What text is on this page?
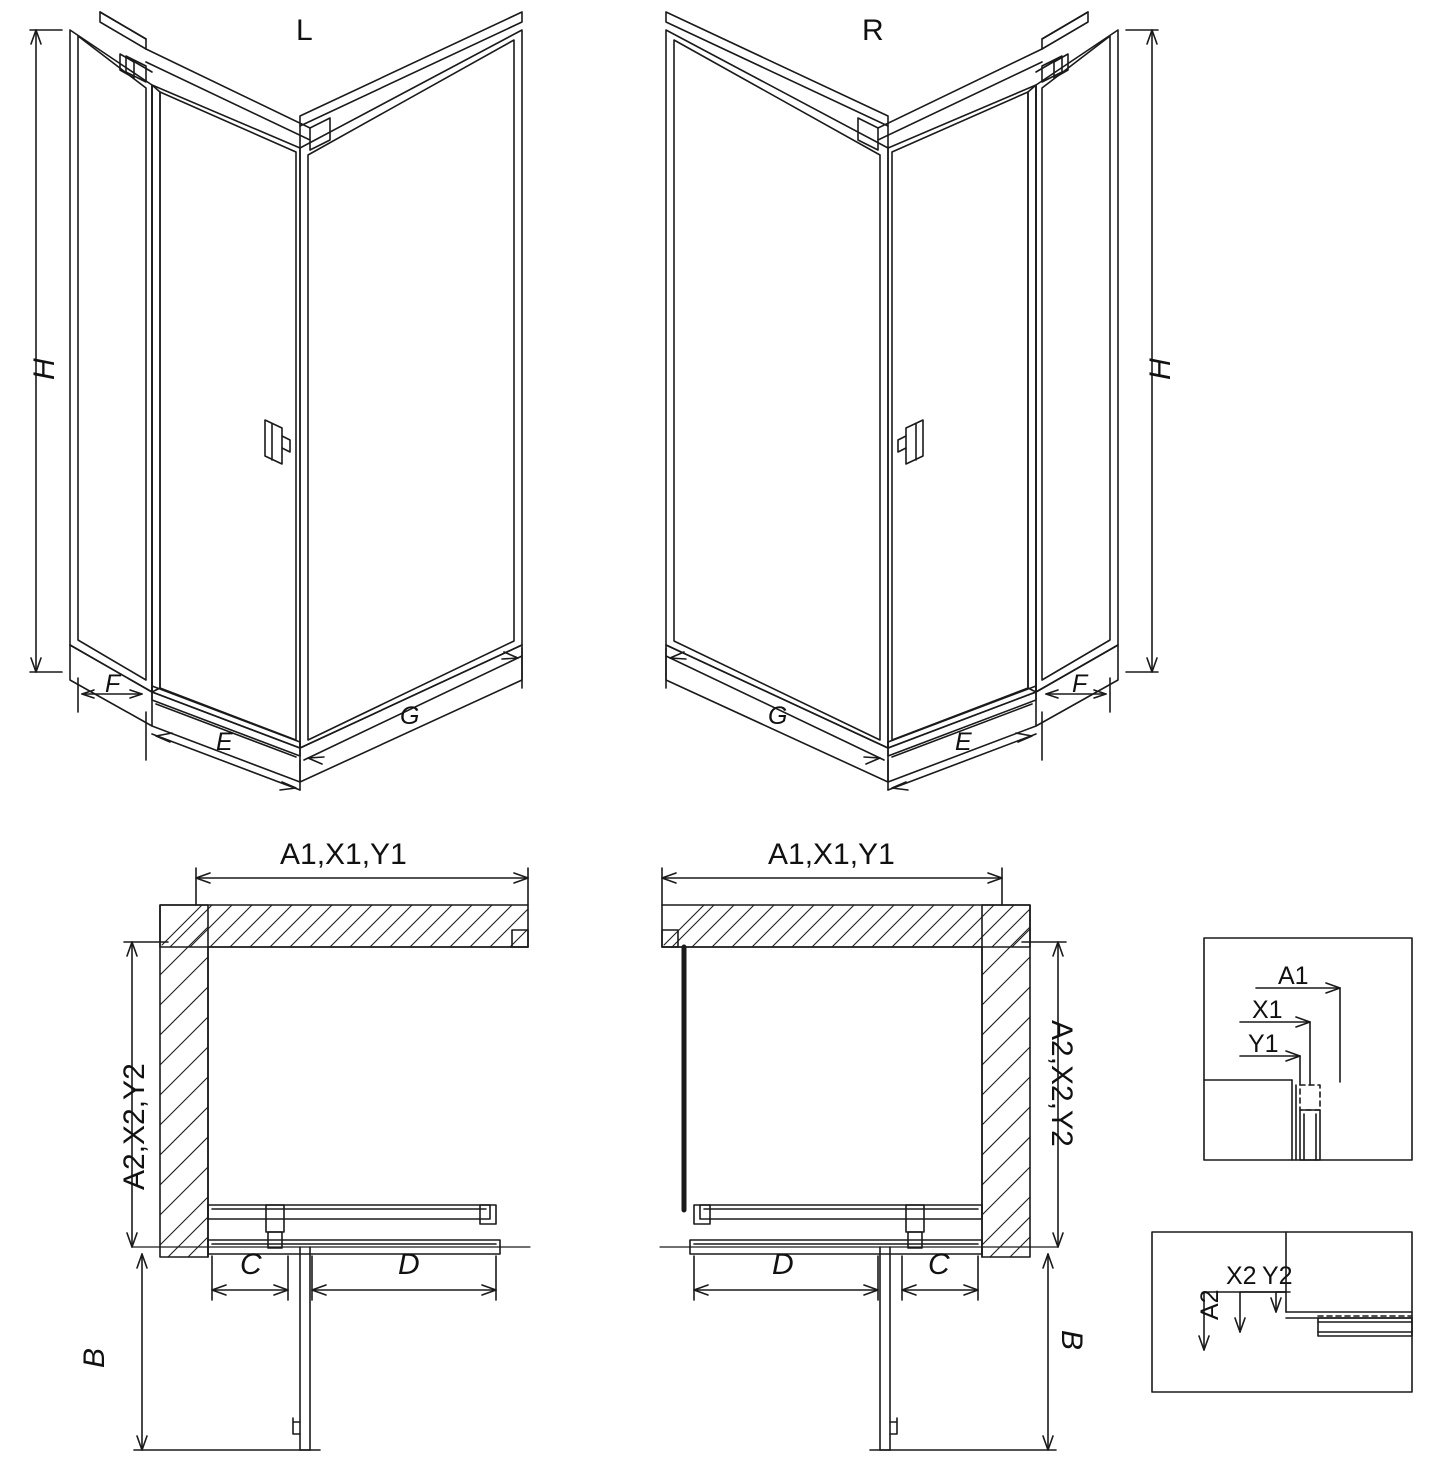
L	R
H	H
F
E
G
F
E
G
A1,X1,Y1	A1,X1,Y1
A2,X2,Y2	A2,X2,Y2
C	D
B
C
D
B
A1
X1
Y1
A2
X2 Y2
